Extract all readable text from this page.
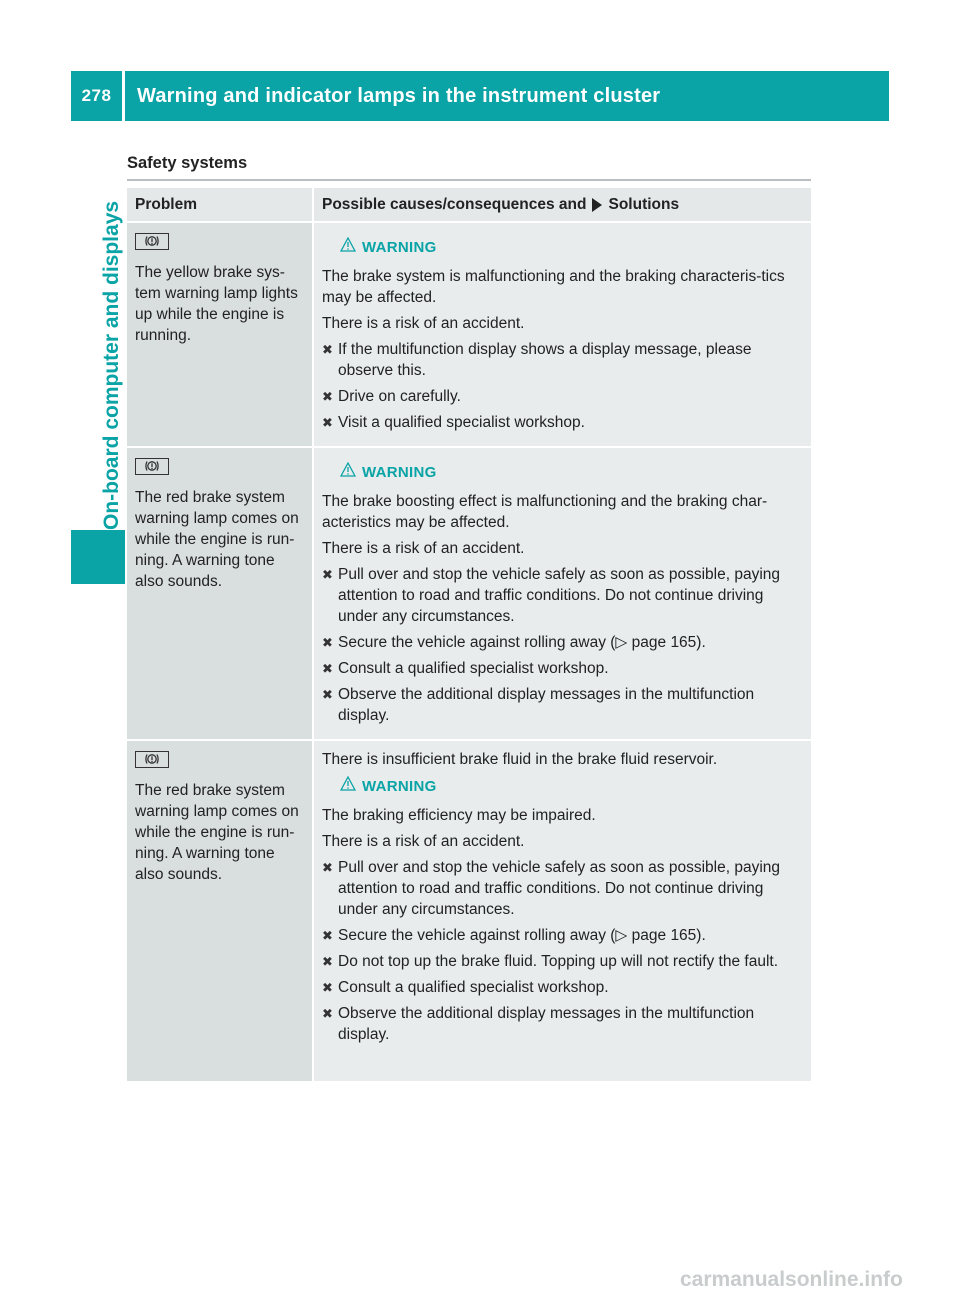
278	Warning and indicator lamps in the instrument cluster
On-board computer and displays
Safety systems
Problem	Possible causes/consequences and Solutions
The yellow brake sys-tem warning lamp lights up while the engine is running.
WARNING
The brake system is malfunctioning and the braking characteris-tics may be affected.
There is a risk of an accident.
✖ If the multifunction display shows a display message, please observe this.
✖ Drive on carefully.
✖ Visit a qualified specialist workshop.
The red brake system warning lamp comes on while the engine is run-ning. A warning tone also sounds.
WARNING
The brake boosting effect is malfunctioning and the braking char-acteristics may be affected.
There is a risk of an accident.
✖ Pull over and stop the vehicle safely as soon as possible, paying attention to road and traffic conditions. Do not continue driving under any circumstances.
✖ Secure the vehicle against rolling away (▷ page 165).
✖ Consult a qualified specialist workshop.
✖ Observe the additional display messages in the multifunction display.
The red brake system warning lamp comes on while the engine is run-ning. A warning tone also sounds.
There is insufficient brake fluid in the brake fluid reservoir.
WARNING
The braking efficiency may be impaired.
There is a risk of an accident.
✖ Pull over and stop the vehicle safely as soon as possible, paying attention to road and traffic conditions. Do not continue driving under any circumstances.
✖ Secure the vehicle against rolling away (▷ page 165).
✖ Do not top up the brake fluid. Topping up will not rectify the fault.
✖ Consult a qualified specialist workshop.
✖ Observe the additional display messages in the multifunction display.
carmanualsonline.info
